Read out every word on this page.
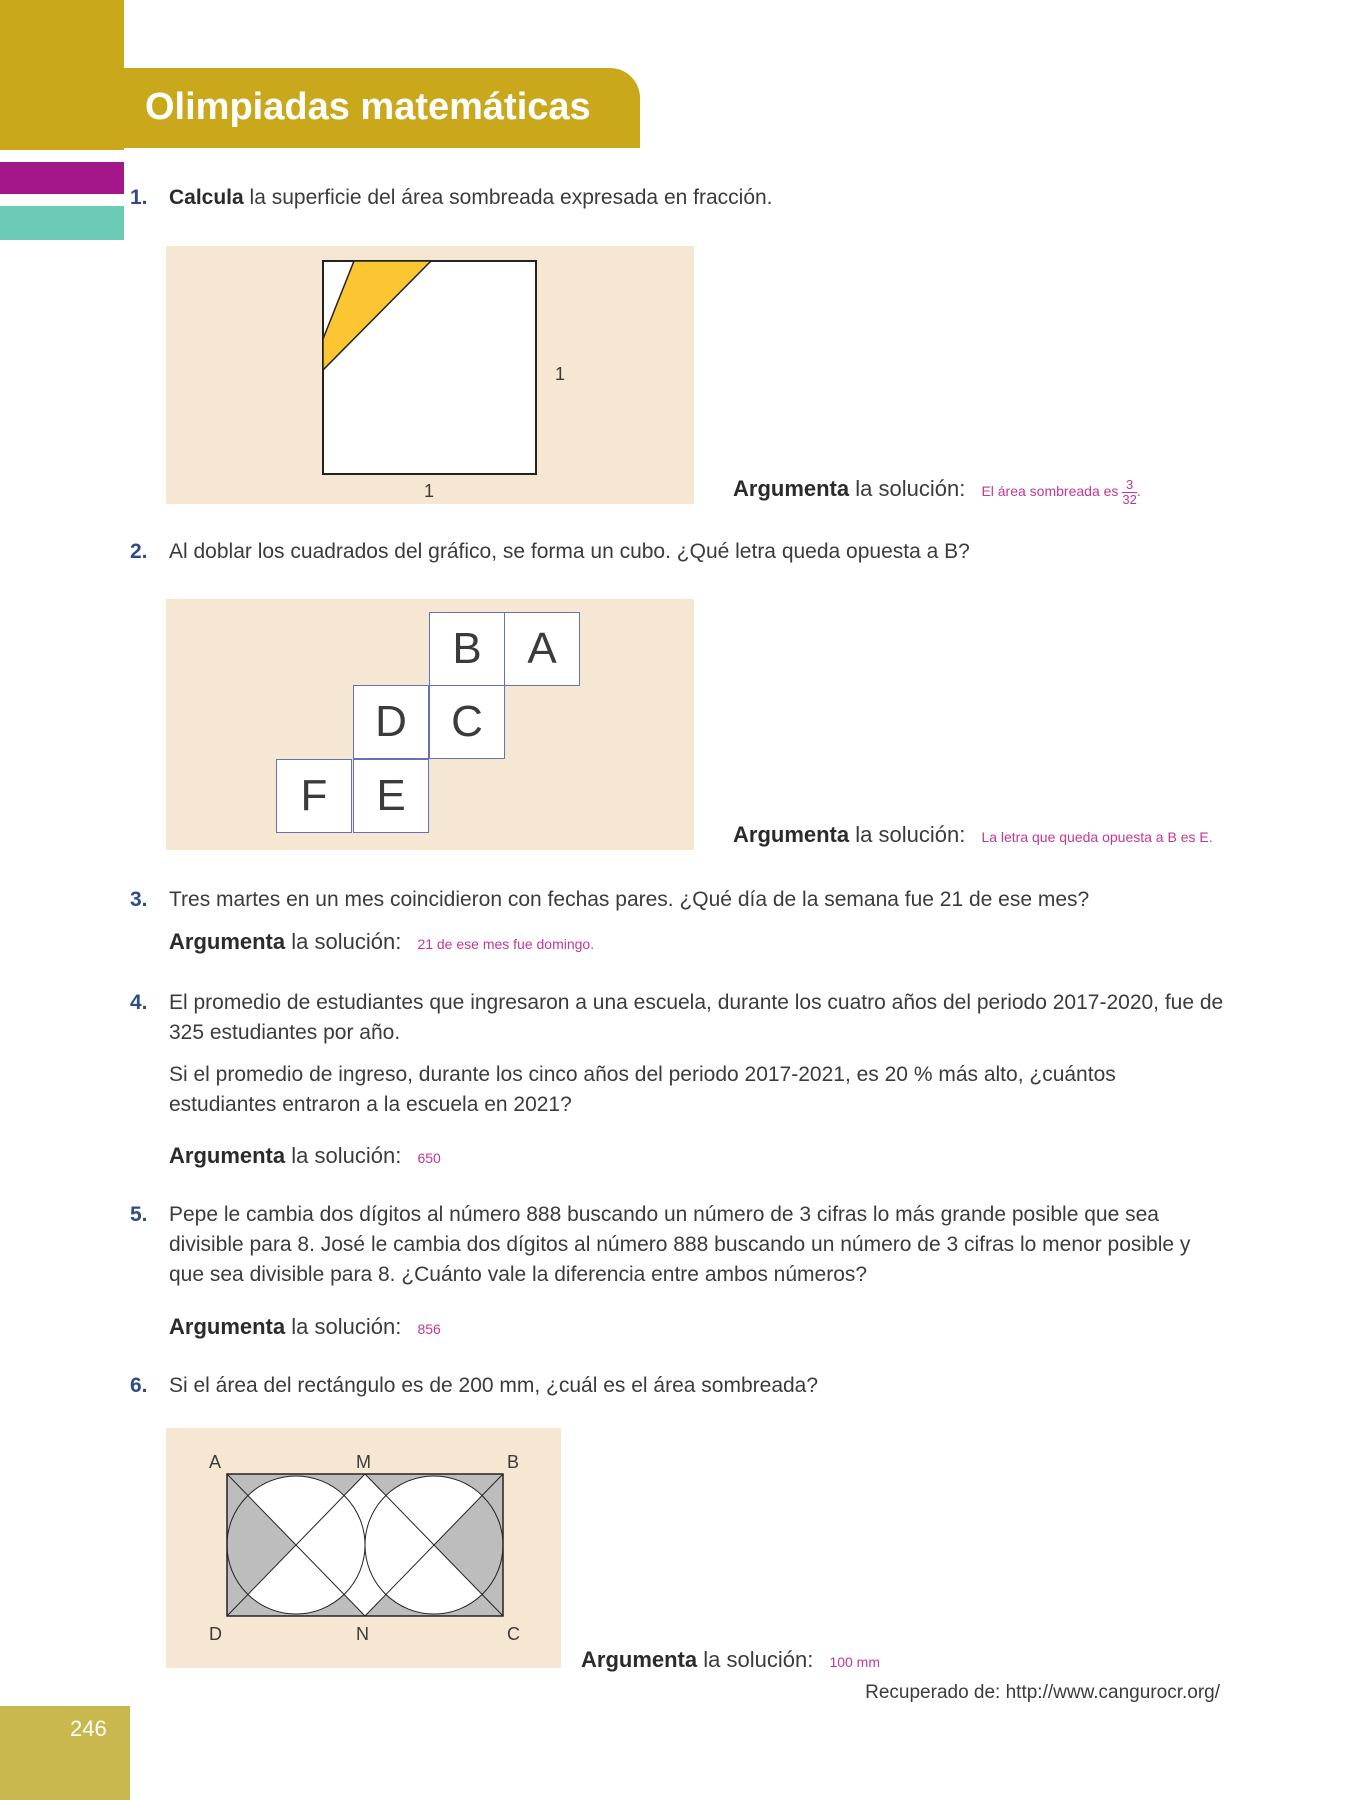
Olimpiadas matemáticas
1. Calcula la superficie del área sombreada expresada en fracción.

1
1	Argumenta la solución: El área sombreada es $\frac{3}{32}$ .
2. Al doblar los cuadrados del gráfico, se forma un cubo. ¿Qué letra queda opuesta a B?

B	A
D	C
F	E
Argumenta la solución: La letra que queda opuesta a B es E.
3. Tres martes en un mes coincidieron con fechas pares. ¿Qué día de la semana fue 21 de ese mes?

Argumenta la solución: 21 de ese mes fue domingo.
4. El promedio de estudiantes que ingresaron a una escuela, durante los cuatro años del periodo 2017-2020, fue de 325 estudiantes por año.

Si el promedio de ingreso, durante los cinco años del periodo 2017-2021, es 20 % más alto, ¿cuántos estudiantes entraron a la escuela en 2021?

Argumenta la solución: 650
5. Pepe le cambia dos dígitos al número 888 buscando un número de 3 cifras lo más grande posible que sea divisible para 8. José le cambia dos dígitos al número 888 buscando un número de 3 cifras lo menor posible y que sea divisible para 8. ¿Cuánto vale la diferencia entre ambos números?

Argumenta la solución: 856
6. Si el área del rectángulo es de 200 mm, ¿cuál es el área sombreada?

A	M	B
D	N	C
Argumenta la solución: 100 mm
Recuperado de: http://www.cangurocr.org/
246
